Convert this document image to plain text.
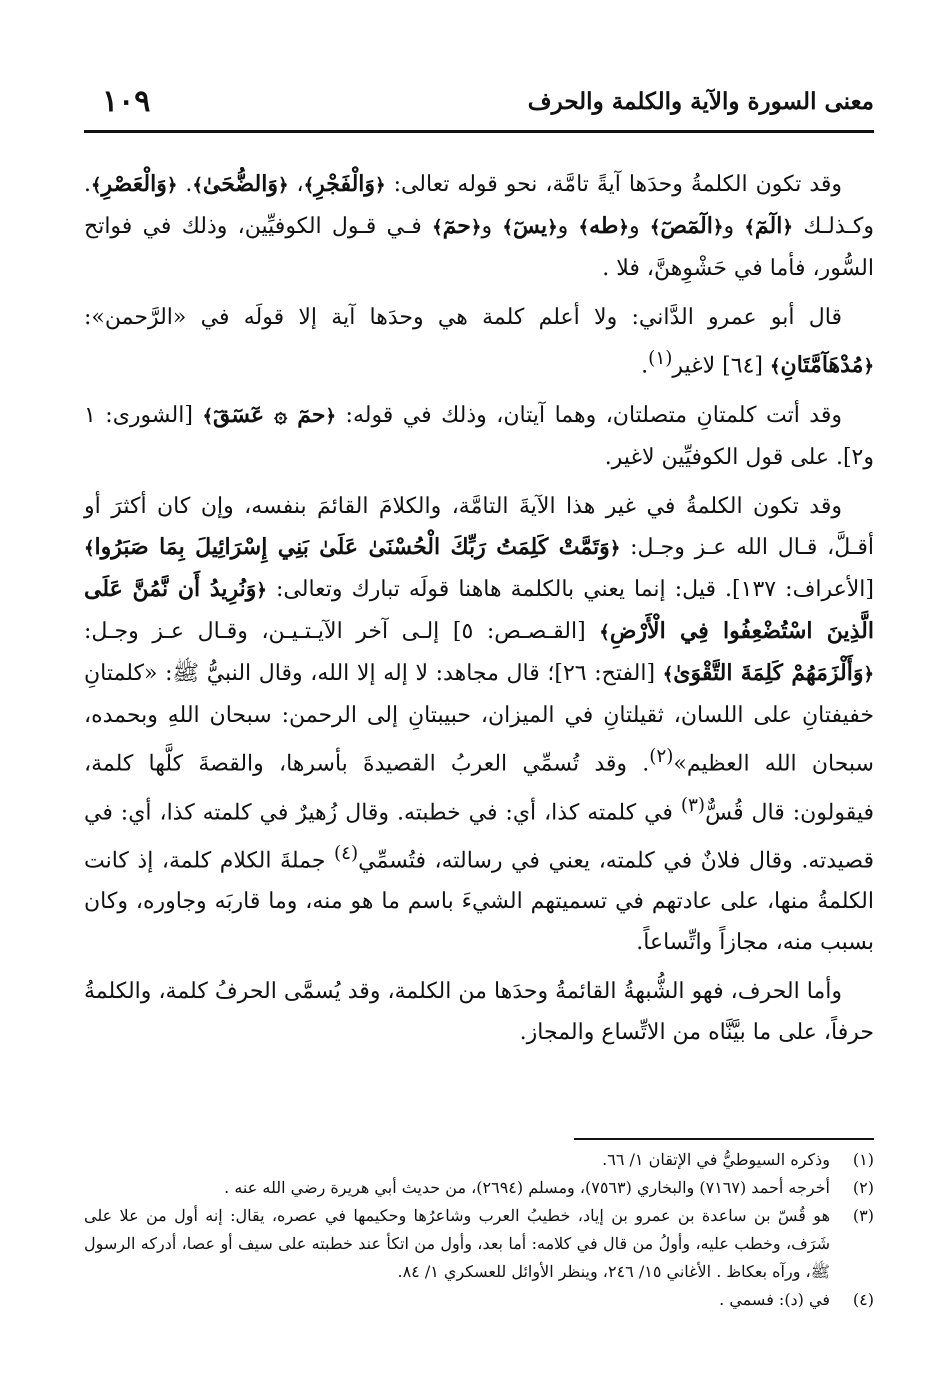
١٠٩	معنى السورة والآية والكلمة والحرف

وقد تكون الكلمةُ وحدَها آيةً تامَّة، نحو قوله تعالى: ﴿وَالْفَجْرِ﴾، ﴿وَالضُّحَىٰ﴾. ﴿وَالْعَصْرِ﴾. وكـذلـك ﴿الٓمٓ﴾ و﴿الٓمٓصٓ﴾ و﴿طه﴾ و﴿يسٓ﴾ و﴿حمٓ﴾ فـي قـول الكوفيِّين، وذلك في فواتح السُّور، فأما في حَشْوِهنَّ، فلا .

قال أبو عمرو الدَّاني: ولا أعلم كلمة هي وحدَها آية إلا قولَه في «الرَّحمن»: ﴿مُدْهَآمَّتَانِ﴾ [٦٤] لاغير$^{(١)}$.

وقد أتت كلمتانِ متصلتان، وهما آيتان، وذلك في قوله: ﴿حمٓ ۞ عٓسٓقٓ﴾ [الشورى: ١ و٢]. على قول الكوفيِّين لاغير.

وقد تكون الكلمةُ في غير هذا الآيةَ التامَّة، والكلامَ القائمَ بنفسه، وإن كان أكثرَ أو أقـلَّ، قـال الله عـز وجـل: ﴿وَتَمَّتْ كَلِمَتُ رَبِّكَ الْحُسْنَىٰ عَلَىٰ بَنِي إِسْرَائِيلَ بِمَا صَبَرُوا﴾ [الأعراف: ١٣٧]. قيل: إنما يعني بالكلمة هاهنا قولَه تبارك وتعالى: ﴿وَنُرِيدُ أَن نَّمُنَّ عَلَى الَّذِينَ اسْتُضْعِفُوا فِي الْأَرْضِ﴾ [القـصـص: ٥] إلـى آخر الآيـتـيـن، وقـال عـز وجـل: ﴿وَأَلْزَمَهُمْ كَلِمَةَ التَّقْوَىٰ﴾ [الفتح: ٢٦]؛ قال مجاهد: لا إله إلا الله، وقال النبيُّ ﷺ: «كلمتانِ خفيفتانِ على اللسان، ثقيلتانِ في الميزان، حبيبتانِ إلى الرحمن: سبحان اللهِ وبحمده، سبحان الله العظيم»$^{(٢)}$. وقد تُسمِّي العربُ القصيدةَ بأسرها، والقصةَ كلَّها كلمة، فيقولون: قال قُسٌّ$^{(٣)}$ في كلمته كذا، أي: في خطبته. وقال زُهيرٌ في كلمته كذا، أي: في قصيدته. وقال فلانٌ في كلمته، يعني في رسالته، فتُسمِّي$^{(٤)}$ جملةَ الكلام كلمة، إذ كانت الكلمةُ منها، على عادتهم في تسميتهم الشيءَ باسم ما هو منه، وما قاربَه وجاوره، وكان بسبب منه، مجازاً واتِّساعاً.

وأما الحرف، فهو الشُّبهةُ القائمةُ وحدَها من الكلمة، وقد يُسمَّى الحرفُ كلمة، والكلمةُ حرفاً، على ما بيَّنَّاه من الاتِّساع والمجاز.

(١)
وذكره السيوطيُّ في الإتقان ١/ ٦٦.

(٢)
أخرجه أحمد (٧١٦٧) والبخاري (٧٥٦٣)، ومسلم (٢٦٩٤)، من حديث أبي هريرة رضي الله عنه .

(٣)
هو قُسّ بن ساعدة بن عمرو بن إياد، خطيبُ العرب وشاعرُها وحكيمها في عصره، يقال: إنه أول من علا على شَرَف، وخطب عليه، وأولُ من قال في كلامه: أما بعد، وأول من اتكأ عند خطبته على سيف أو عصا، أدركه الرسول ﷺ، ورآه بعكاظ . الأغاني ١٥/ ٢٤٦، وينظر الأوائل للعسكري ١/ ٨٤.

(٤)
في (د): فسمي .
